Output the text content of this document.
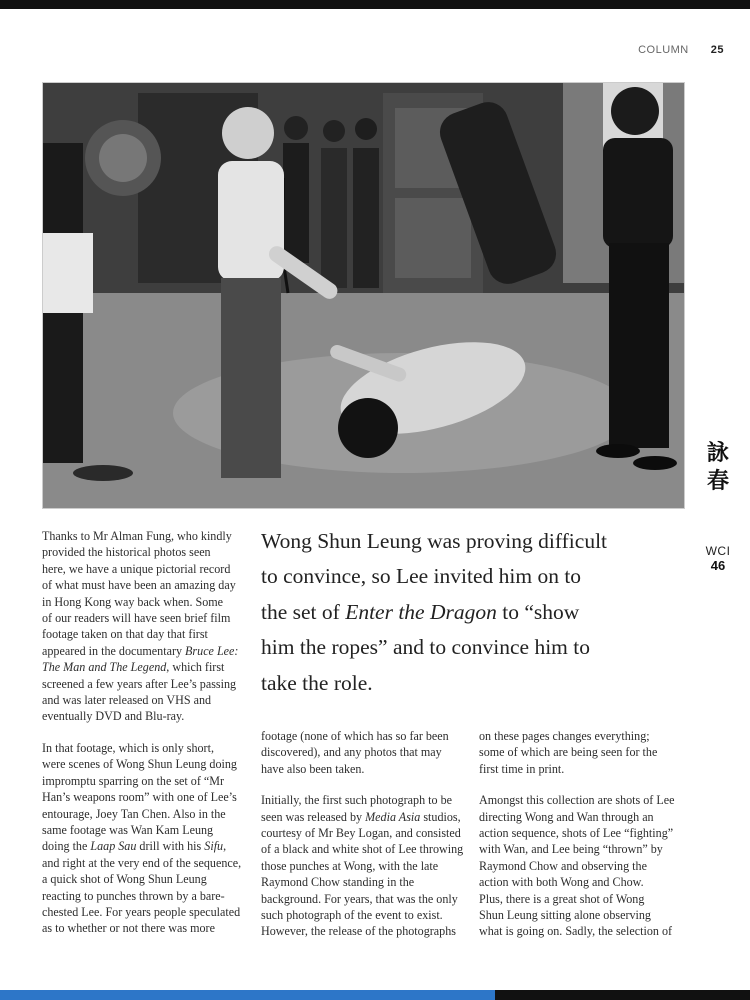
COLUMN 25
詠
春
WCI
46

Wong Shun Leung was proving difficult

to convince, so Lee invited him on to

the set of Enter the Dragon to “show

him the ropes” and to convince him to

take the role.

Thanks to Mr Alman Fung, who kindly
provided the historical photos seen
here, we have a unique pictorial record
of what must have been an amazing day
in Hong Kong way back when. Some
of our readers will have seen brief film
footage taken on that day that first
appeared in the documentary Bruce Lee:
The Man and The Legend, which first
screened a few years after Lee’s passing
and was later released on VHS and
eventually DVD and Blu-ray.

In that footage, which is only short,
were scenes of Wong Shun Leung doing
impromptu sparring on the set of “Mr
Han’s weapons room” with one of Lee’s
entourage, Joey Tan Chen. Also in the
same footage was Wan Kam Leung
doing the Laap Sau drill with his Sifu,
and right at the very end of the sequence,
a quick shot of Wong Shun Leung
reacting to punches thrown by a bare-
chested Lee. For years people speculated
as to whether or not there was more

footage (none of which has so far been
discovered), and any photos that may
have also been taken.

Initially, the first such photograph to be
seen was released by Media Asia studios,
courtesy of Mr Bey Logan, and consisted
of a black and white shot of Lee throwing
those punches at Wong, with the late
Raymond Chow standing in the
background. For years, that was the only
such photograph of the event to exist.
However, the release of the photographs

on these pages changes everything;
some of which are being seen for the
first time in print.

Amongst this collection are shots of Lee
directing Wong and Wan through an
action sequence, shots of Lee “fighting”
with Wan, and Lee being “thrown” by
Raymond Chow and observing the
action with both Wong and Chow.
Plus, there is a great shot of Wong
Shun Leung sitting alone observing
what is going on. Sadly, the selection of
